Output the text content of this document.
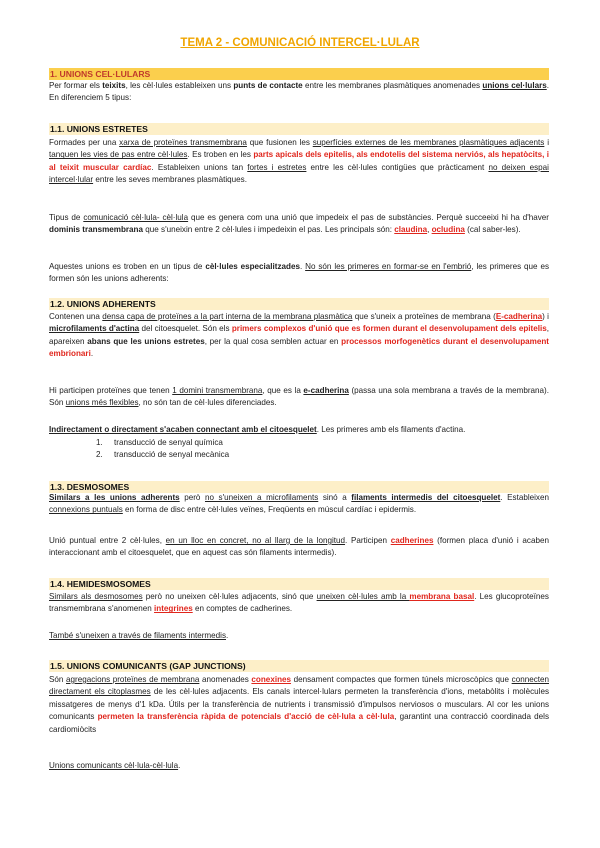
TEMA 2 - COMUNICACIÓ INTERCEL·LULAR
1. UNIONS CEL·LULARS
Per formar els teixits, les cèl·lules estableixen uns punts de contacte entre les membranes plasmàtiques anomenades unions cel·lulars. En diferenciem 5 tipus:
1.1. UNIONS ESTRETES
Formades per una xarxa de proteïnes transmembrana que fusionen les superfícies externes de les membranes plasmàtiques adjacents i tanquen les vies de pas entre cèl·lules. Es troben en les parts apicals dels epitelis, als endotelis del sistema nerviós, als hepatòcits, i al teixit muscular cardíac. Estableixen unions tan fortes i estretes entre les cèl·lules contigües que pràcticament no deixen espai intercel·lular entre les seves membranes plasmàtiques.
Tipus de comunicació cèl·lula- cèl·lula que es genera com una unió que impedeix el pas de substàncies. Perquè succeeixi hi ha d'haver dominis transmembrana que s'uneixin entre 2 cèl·lules i impedeixin el pas. Les principals són: claudina, ocludina (cal saber-les).
Aquestes unions es troben en un tipus de cèl·lules especialitzades. No són les primeres en formar-se en l'embrió, les primeres que es formen són les unions adherents:
1.2. UNIONS ADHERENTS
Contenen una densa capa de proteïnes a la part interna de la membrana plasmàtica que s'uneix a proteïnes de membrana (E-cadherina) i microfilaments d'actina del citoesquelet. Són els primers complexos d'unió que es formen durant el desenvolupament dels epitelis, apareixen abans que les unions estretes, per la qual cosa semblen actuar en processos morfogenètics durant el desenvolupament embrionari.
Hi participen proteïnes que tenen 1 domini transmembrana, que es la e-cadherina (passa una sola membrana a través de la membrana). Són unions més flexibles, no són tan de cèl·lules diferenciades.
Indirectament o directament s'acaben connectant amb el citoesquelet. Les primeres amb els filaments d'actina.
1. transducció de senyal química
2. transducció de senyal mecànica
1.3. DESMOSOMES
Similars a les unions adherents però no s'uneixen a microfilaments sinó a filaments intermedis del citoesquelet. Estableixen connexions puntuals en forma de disc entre cèl·lules veïnes, Freqüents en múscul cardíac i epidermis.
Unió puntual entre 2 cèl·lules, en un lloc en concret, no al llarg de la longitud. Participen cadherines (formen placa d'unió i acaben interaccionant amb el citoesquelet, que en aquest cas són filaments intermedis).
1.4. HEMIDESMOSOMES
Similars als desmosomes però no uneixen cèl·lules adjacents, sinó que uneixen cèl·lules amb la membrana basal. Les glucoproteïnes transmembrana s'anomenen integrines en comptes de cadherines.
També s'uneixen a través de filaments intermedis.
1.5. UNIONS COMUNICANTS (GAP JUNCTIONS)
Són agregacions proteïnes de membrana anomenades conexines densament compactes que formen túnels microscòpics que connecten directament els citoplasmes de les cèl·lules adjacents. Els canals intercel·lulars permeten la transferència d'ions, metabòlits i molècules missatgeres de menys d'1 kDa. Útils per la transferència de nutrients i transmissió d'impulsos nerviosos o musculars. Al cor les unions comunicants permeten la transferència ràpida de potencials d'acció de cèl·lula a cèl·lula, garantint una contracció coordinada dels cardiomiòcits
Unions comunicants cèl·lula-cèl·lula.
